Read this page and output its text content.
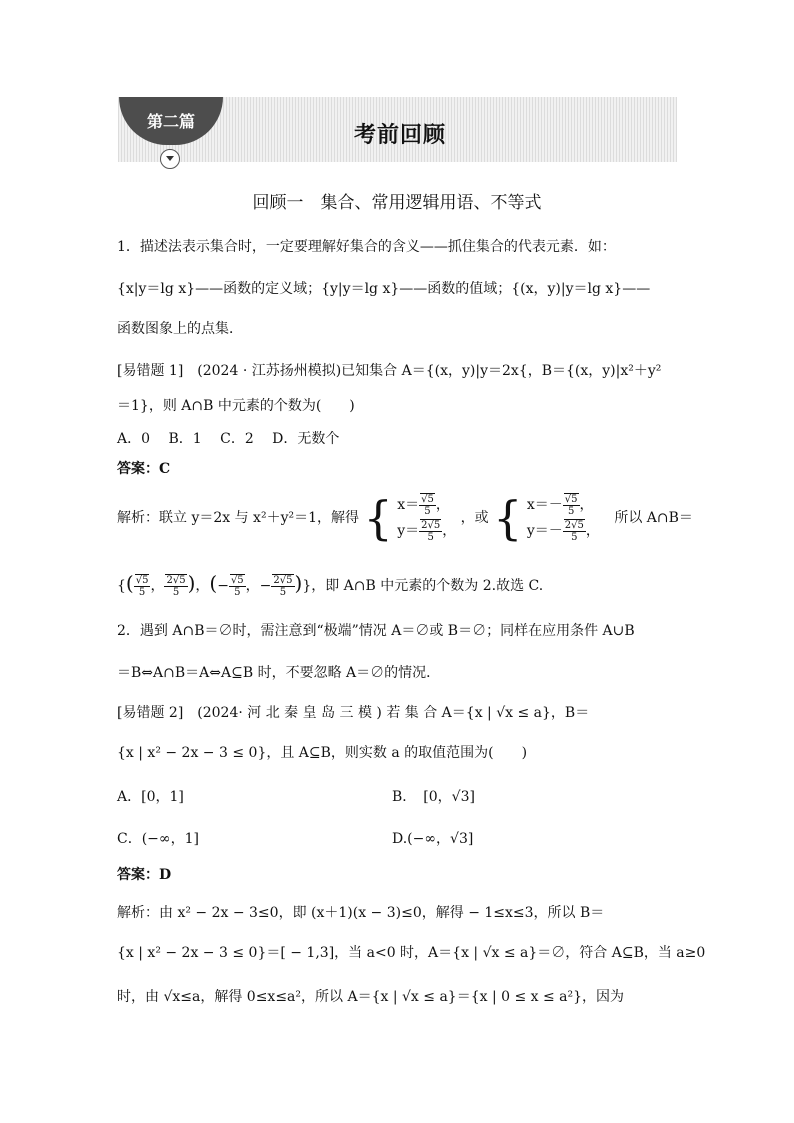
第二篇
考前回顾
回顾一　集合、常用逻辑用语、不等式
1．描述法表示集合时，一定要理解好集合的含义——抓住集合的代表元素．如：
{x|y＝lg x}——函数的定义域；{y|y＝lg x}——函数的值域；{(x，y)|y＝lg x}——
函数图象上的点集．
[易错题 1]　(2024 · 江苏扬州模拟)已知集合 A＝{(x，y)|y＝2x{，B＝{(x，y)|x²＋y²
＝1}，则 A∩B 中元素的个数为(　　)
A．0　 B．1　 C．2　 D．无数个
答案：C
解析：联立 y＝2x 与 x²＋y²＝1，解得 { $x= \frac{√5}{5}$ ，
$y= \frac{2√5}{5}$ ，
，或 { $x=- \frac{√5}{5}$ ，
$y=- \frac{2√5}{5}$ ，
所以 A∩B＝
{( $\frac{√5}{5}$ ， $\frac{2√5}{5}$ )，(− $\frac{√5}{5}$ ，− $\frac{2√5}{5}$ )}，即 A∩B 中元素的个数为 2.故选 C.
2．遇到 A∩B＝∅时，需注意到“极端”情况 A＝∅或 B＝∅；同样在应用条件 A∪B
＝B⇔A∩B＝A⇔A⊆B 时，不要忽略 A＝∅的情况．
[易错题 2]　(2024· 河 北 秦 皇 岛 三 模 ) 若 集 合 A＝{x | √x ≤ a}，B＝
{x | x² − 2x − 3 ≤ 0}，且 A⊆B，则实数 a 的取值范围为(　　)
A．[0，1]	B．　[0，√3]
C．(−∞，1]	D.(−∞，√3]
答案：D
解析：由 x² − 2x − 3≤0，即 (x＋1)(x − 3)≤0，解得 − 1≤x≤3，所以 B＝
{x | x² − 2x − 3 ≤ 0}＝[ − 1,3]，当 a<0 时，A＝{x | √x ≤ a}＝∅，符合 A⊆B，当 a≥0
时，由 √x≤a，解得 0≤x≤a²，所以 A＝{x | √x ≤ a}＝{x | 0 ≤ x ≤ a²}，因为
